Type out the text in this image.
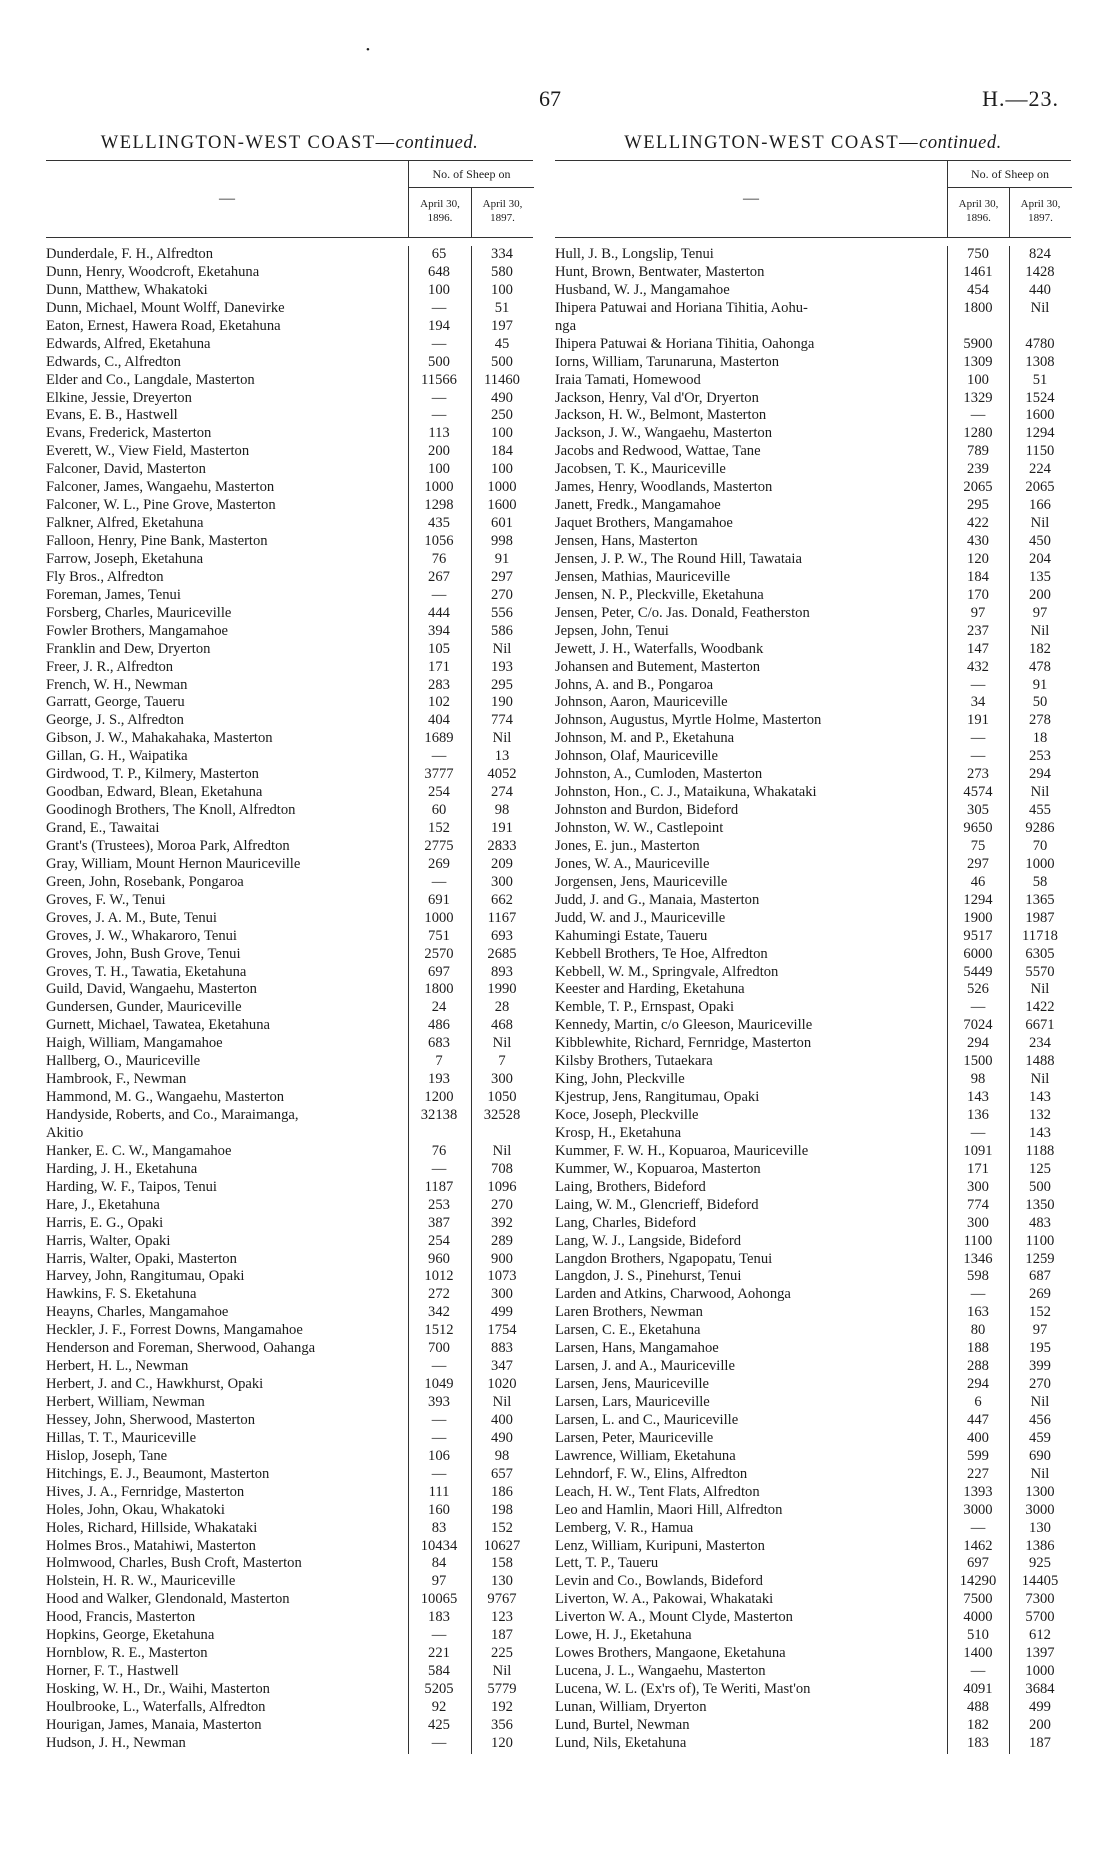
•
67	H.—23.
WELLINGTON-WEST COAST—continued.
—
No. of Sheep on
April 30,
1896.
April 30,
1897.
Dunderdale, F. H., Alfredton	65	334
Dunn, Henry, Woodcroft, Eketahuna	648	580
Dunn, Matthew, Whakatoki	100	100
Dunn, Michael, Mount Wolff, Danevirke	—	51
Eaton, Ernest, Hawera Road, Eketahuna	194	197
Edwards, Alfred, Eketahuna	—	45
Edwards, C., Alfredton	500	500
Elder and Co., Langdale, Masterton	11566	11460
Elkine, Jessie, Dreyerton	—	490
Evans, E. B., Hastwell	—	250
Evans, Frederick, Masterton	113	100
Everett, W., View Field, Masterton	200	184
Falconer, David, Masterton	100	100
Falconer, James, Wangaehu, Masterton	1000	1000
Falconer, W. L., Pine Grove, Masterton	1298	1600
Falkner, Alfred, Eketahuna	435	601
Falloon, Henry, Pine Bank, Masterton	1056	998
Farrow, Joseph, Eketahuna	76	91
Fly Bros., Alfredton	267	297
Foreman, James, Tenui	—	270
Forsberg, Charles, Mauriceville	444	556
Fowler Brothers, Mangamahoe	394	586
Franklin and Dew, Dryerton	105	Nil
Freer, J. R., Alfredton	171	193
French, W. H., Newman	283	295
Garratt, George, Taueru	102	190
George, J. S., Alfredton	404	774
Gibson, J. W., Mahakahaka, Masterton	1689	Nil
Gillan, G. H., Waipatika	—	13
Girdwood, T. P., Kilmery, Masterton	3777	4052
Goodban, Edward, Blean, Eketahuna	254	274
Goodinogh Brothers, The Knoll, Alfredton	60	98
Grand, E., Tawaitai	152	191
Grant's (Trustees), Moroa Park, Alfredton	2775	2833
Gray, William, Mount Hernon Mauriceville	269	209
Green, John, Rosebank, Pongaroa	—	300
Groves, F. W., Tenui	691	662
Groves, J. A. M., Bute, Tenui	1000	1167
Groves, J. W., Whakaroro, Tenui	751	693
Groves, John, Bush Grove, Tenui	2570	2685
Groves, T. H., Tawatia, Eketahuna	697	893
Guild, David, Wangaehu, Masterton	1800	1990
Gundersen, Gunder, Mauriceville	24	28
Gurnett, Michael, Tawatea, Eketahuna	486	468
Haigh, William, Mangamahoe	683	Nil
Hallberg, O., Mauriceville	7	7
Hambrook, F., Newman	193	300
Hammond, M. G., Wangaehu, Masterton	1200	1050
Handyside, Roberts, and Co., Maraimanga,	32138	32528
Akitio
Hanker, E. C. W., Mangamahoe	76	Nil
Harding, J. H., Eketahuna	—	708
Harding, W. F., Taipos, Tenui	1187	1096
Hare, J., Eketahuna	253	270
Harris, E. G., Opaki	387	392
Harris, Walter, Opaki	254	289
Harris, Walter, Opaki, Masterton	960	900
Harvey, John, Rangitumau, Opaki	1012	1073
Hawkins, F. S. Eketahuna	272	300
Heayns, Charles, Mangamahoe	342	499
Heckler, J. F., Forrest Downs, Mangamahoe	1512	1754
Henderson and Foreman, Sherwood, Oahanga	700	883
Herbert, H. L., Newman	—	347
Herbert, J. and C., Hawkhurst, Opaki	1049	1020
Herbert, William, Newman	393	Nil
Hessey, John, Sherwood, Masterton	—	400
Hillas, T. T., Mauriceville	—	490
Hislop, Joseph, Tane	106	98
Hitchings, E. J., Beaumont, Masterton	—	657
Hives, J. A., Fernridge, Masterton	111	186
Holes, John, Okau, Whakatoki	160	198
Holes, Richard, Hillside, Whakataki	83	152
Holmes Bros., Matahiwi, Masterton	10434	10627
Holmwood, Charles, Bush Croft, Masterton	84	158
Holstein, H. R. W., Mauriceville	97	130
Hood and Walker, Glendonald, Masterton	10065	9767
Hood, Francis, Masterton	183	123
Hopkins, George, Eketahuna	—	187
Hornblow, R. E., Masterton	221	225
Horner, F. T., Hastwell	584	Nil
Hosking, W. H., Dr., Waihi, Masterton	5205	5779
Houlbrooke, L., Waterfalls, Alfredton	92	192
Hourigan, James, Manaia, Masterton	425	356
Hudson, J. H., Newman	—	120
WELLINGTON-WEST COAST—continued.
—
No. of Sheep on
April 30,
1896.
April 30,
1897.
Hull, J. B., Longslip, Tenui	750	824
Hunt, Brown, Bentwater, Masterton	1461	1428
Husband, W. J., Mangamahoe	454	440
Ihipera Patuwai and Horiana Tihitia, Aohu-	1800	Nil
nga
Ihipera Patuwai & Horiana Tihitia, Oahonga	5900	4780
Iorns, William, Tarunaruna, Masterton	1309	1308
Iraia Tamati, Homewood	100	51
Jackson, Henry, Val d'Or, Dryerton	1329	1524
Jackson, H. W., Belmont, Masterton	—	1600
Jackson, J. W., Wangaehu, Masterton	1280	1294
Jacobs and Redwood, Wattae, Tane	789	1150
Jacobsen, T. K., Mauriceville	239	224
James, Henry, Woodlands, Masterton	2065	2065
Janett, Fredk., Mangamahoe	295	166
Jaquet Brothers, Mangamahoe	422	Nil
Jensen, Hans, Masterton	430	450
Jensen, J. P. W., The Round Hill, Tawataia	120	204
Jensen, Mathias, Mauriceville	184	135
Jensen, N. P., Pleckville, Eketahuna	170	200
Jensen, Peter, C/o. Jas. Donald, Featherston	97	97
Jepsen, John, Tenui	237	Nil
Jewett, J. H., Waterfalls, Woodbank	147	182
Johansen and Butement, Masterton	432	478
Johns, A. and B., Pongaroa	—	91
Johnson, Aaron, Mauriceville	34	50
Johnson, Augustus, Myrtle Holme, Masterton	191	278
Johnson, M. and P., Eketahuna	—	18
Johnson, Olaf, Mauriceville	—	253
Johnston, A., Cumloden, Masterton	273	294
Johnston, Hon., C. J., Mataikuna, Whakataki	4574	Nil
Johnston and Burdon, Bideford	305	455
Johnston, W. W., Castlepoint	9650	9286
Jones, E. jun., Masterton	75	70
Jones, W. A., Mauriceville	297	1000
Jorgensen, Jens, Mauriceville	46	58
Judd, J. and G., Manaia, Masterton	1294	1365
Judd, W. and J., Mauriceville	1900	1987
Kahumingi Estate, Taueru	9517	11718
Kebbell Brothers, Te Hoe, Alfredton	6000	6305
Kebbell, W. M., Springvale, Alfredton	5449	5570
Keester and Harding, Eketahuna	526	Nil
Kemble, T. P., Ernspast, Opaki	—	1422
Kennedy, Martin, c/o Gleeson, Mauriceville	7024	6671
Kibblewhite, Richard, Fernridge, Masterton	294	234
Kilsby Brothers, Tutaekara	1500	1488
King, John, Pleckville	98	Nil
Kjestrup, Jens, Rangitumau, Opaki	143	143
Koce, Joseph, Pleckville	136	132
Krosp, H., Eketahuna	—	143
Kummer, F. W. H., Kopuaroa, Mauriceville	1091	1188
Kummer, W., Kopuaroa, Masterton	171	125
Laing, Brothers, Bideford	300	500
Laing, W. M., Glencrieff, Bideford	774	1350
Lang, Charles, Bideford	300	483
Lang, W. J., Langside, Bideford	1100	1100
Langdon Brothers, Ngapopatu, Tenui	1346	1259
Langdon, J. S., Pinehurst, Tenui	598	687
Larden and Atkins, Charwood, Aohonga	—	269
Laren Brothers, Newman	163	152
Larsen, C. E., Eketahuna	80	97
Larsen, Hans, Mangamahoe	188	195
Larsen, J. and A., Mauriceville	288	399
Larsen, Jens, Mauriceville	294	270
Larsen, Lars, Mauriceville	6	Nil
Larsen, L. and C., Mauriceville	447	456
Larsen, Peter, Mauriceville	400	459
Lawrence, William, Eketahuna	599	690
Lehndorf, F. W., Elins, Alfredton	227	Nil
Leach, H. W., Tent Flats, Alfredton	1393	1300
Leo and Hamlin, Maori Hill, Alfredton	3000	3000
Lemberg, V. R., Hamua	—	130
Lenz, William, Kuripuni, Masterton	1462	1386
Lett, T. P., Taueru	697	925
Levin and Co., Bowlands, Bideford	14290	14405
Liverton, W. A., Pakowai, Whakataki	7500	7300
Liverton W. A., Mount Clyde, Masterton	4000	5700
Lowe, H. J., Eketahuna	510	612
Lowes Brothers, Mangaone, Eketahuna	1400	1397
Lucena, J. L., Wangaehu, Masterton	—	1000
Lucena, W. L. (Ex'rs of), Te Weriti, Mast'on	4091	3684
Lunan, William, Dryerton	488	499
Lund, Burtel, Newman	182	200
Lund, Nils, Eketahuna	183	187
